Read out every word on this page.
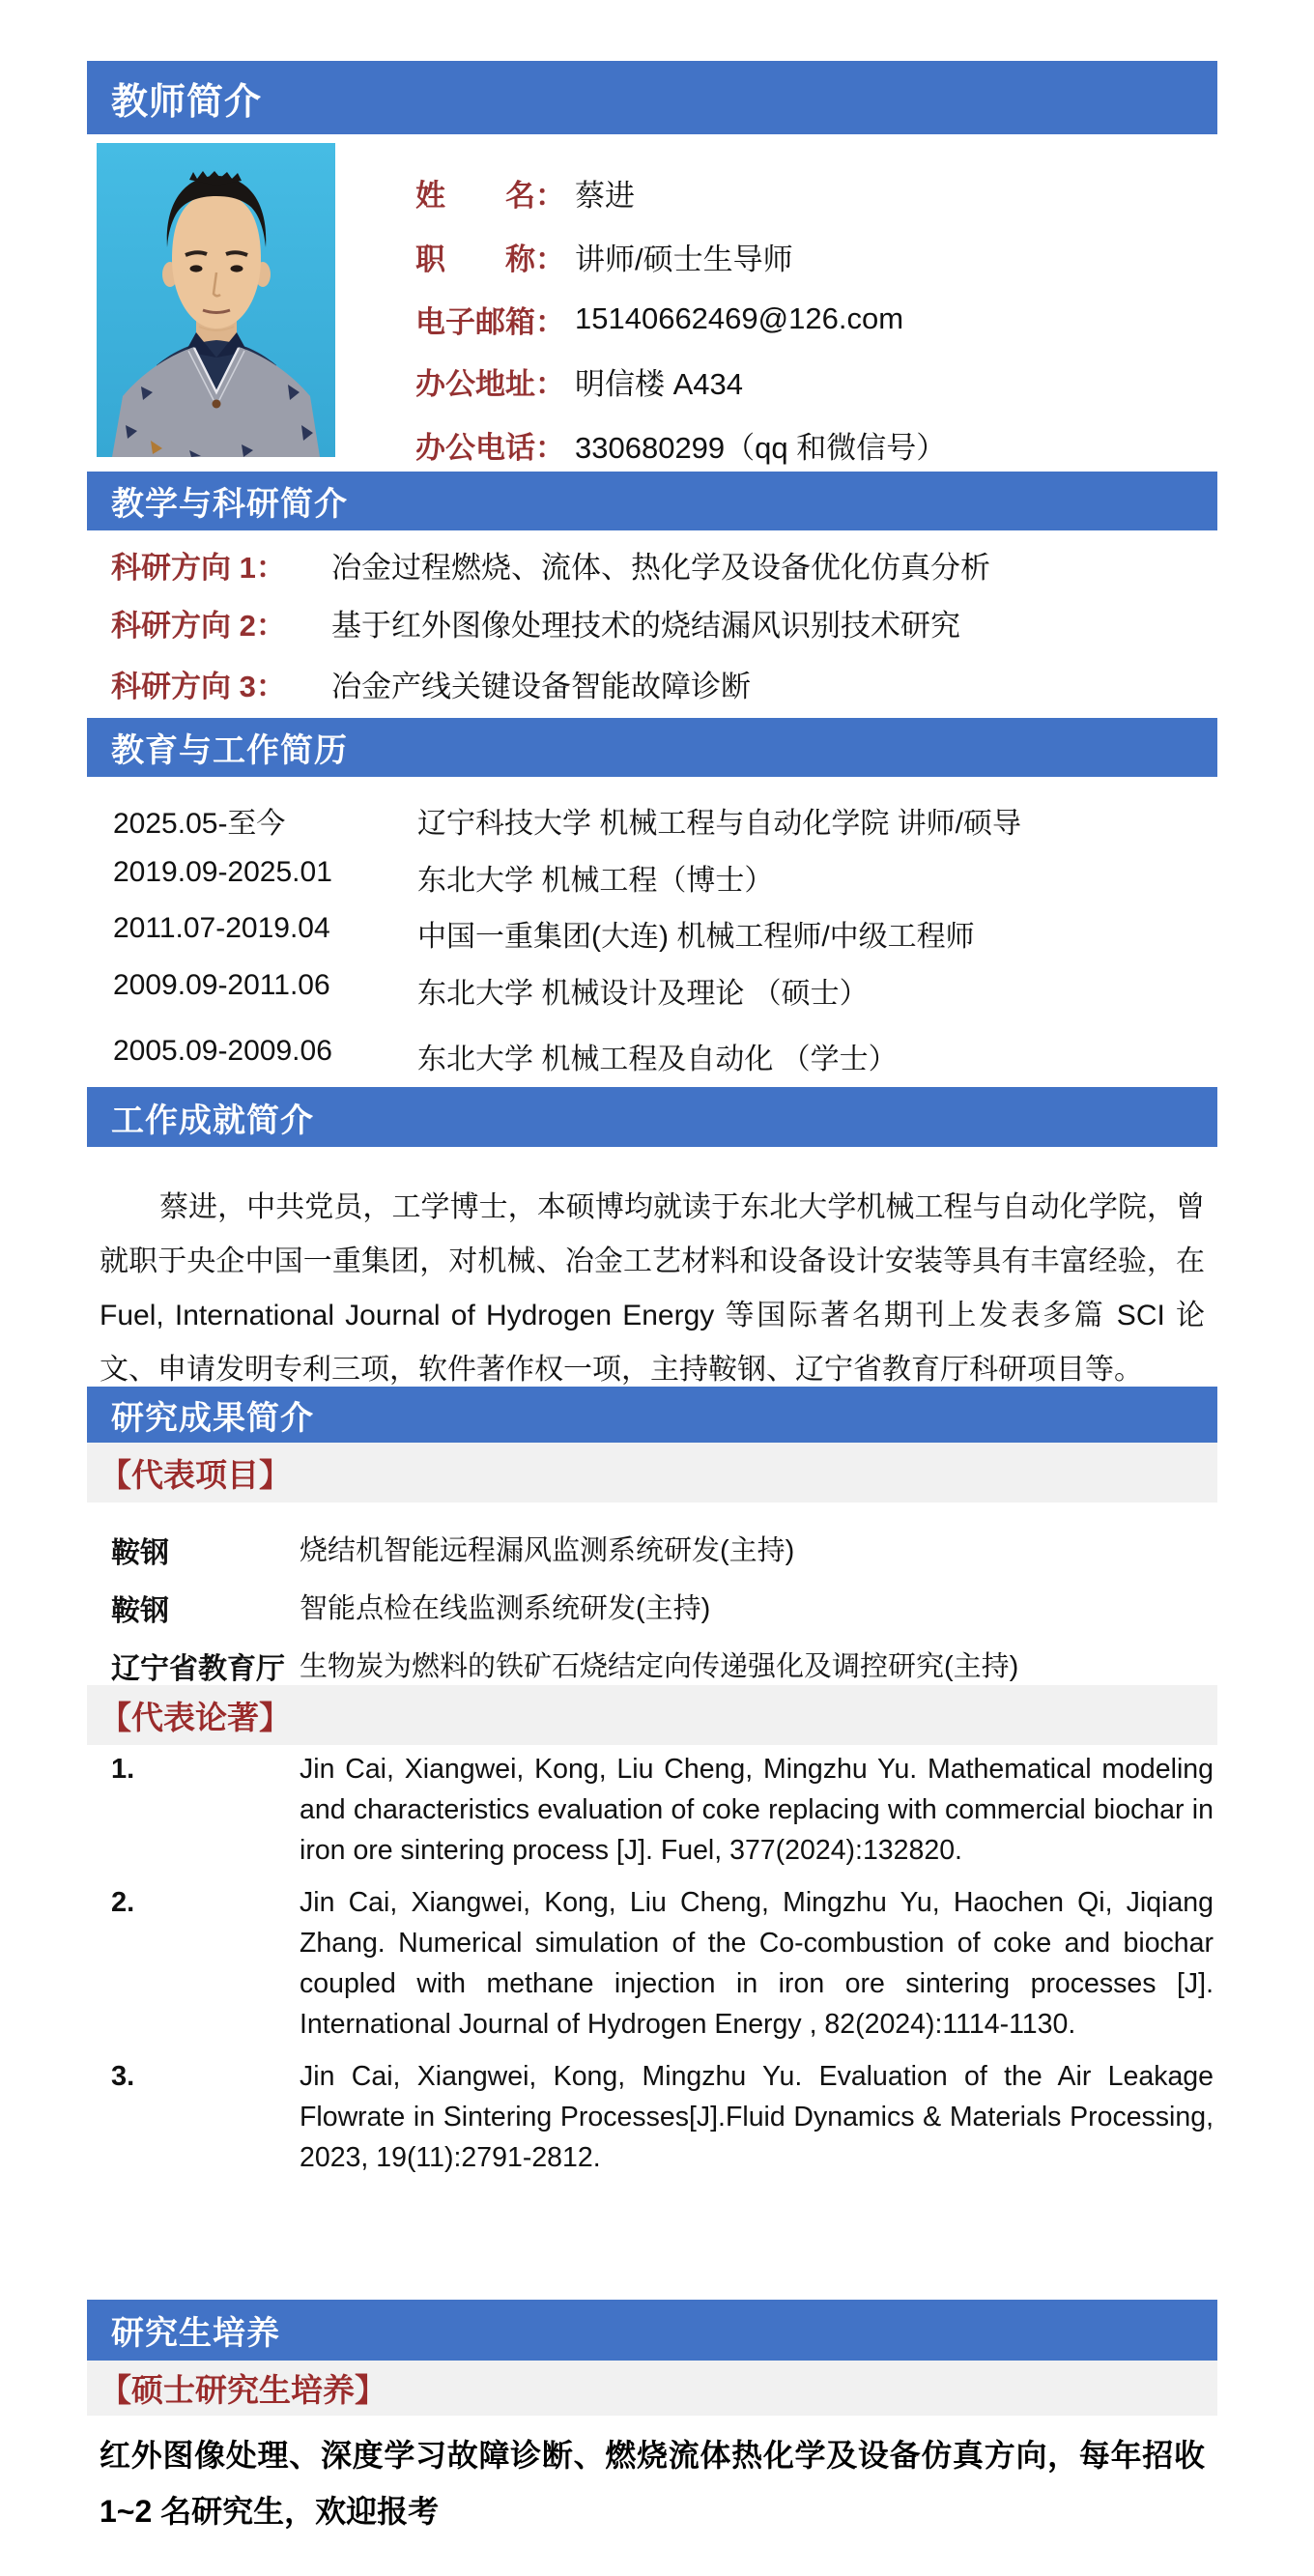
教师简介
姓　　名： 蔡进
职　　称： 讲师/硕士生导师
电子邮箱： 15140662469@126.com
办公地址： 明信楼 A434
办公电话： 330680299（qq 和微信号）
教学与科研简介
科研方向 1： 冶金过程燃烧、流体、热化学及设备优化仿真分析
科研方向 2： 基于红外图像处理技术的烧结漏风识别技术研究
科研方向 3： 冶金产线关键设备智能故障诊断
教育与工作简历
2025.05-至今	辽宁科技大学 机械工程与自动化学院 讲师/硕导
2019.09-2025.01	东北大学 机械工程（博士）
2011.07-2019.04	中国一重集团(大连) 机械工程师/中级工程师
2009.09-2011.06	东北大学 机械设计及理论 （硕士）
2005.09-2009.06	东北大学 机械工程及自动化 （学士）
工作成就简介
蔡进，中共党员，工学博士，本硕博均就读于东北大学机械工程与自动化学院，曾就职于央企中国一重集团，对机械、冶金工艺材料和设备设计安装等具有丰富经验，在 Fuel, International Journal of Hydrogen Energy 等国际著名期刊上发表多篇 SCI 论文、申请发明专利三项，软件著作权一项，主持鞍钢、辽宁省教育厅科研项目等。
研究成果简介
【代表项目】
鞍钢	烧结机智能远程漏风监测系统研发(主持)
鞍钢	智能点检在线监测系统研发(主持)
辽宁省教育厅 生物炭为燃料的铁矿石烧结定向传递强化及调控研究(主持)
【代表论著】
1.	Jin Cai, Xiangwei, Kong, Liu Cheng, Mingzhu Yu. Mathematical modeling and characteristics evaluation of coke replacing with commercial biochar in iron ore sintering process [J]. Fuel, 377(2024):132820.
2.	Jin Cai, Xiangwei, Kong, Liu Cheng, Mingzhu Yu, Haochen Qi, Jiqiang Zhang. Numerical simulation of the Co-combustion of coke and biochar coupled with methane injection in iron ore sintering processes [J]. International Journal of Hydrogen Energy , 82(2024):1114-1130.
3.	Jin Cai, Xiangwei, Kong, Mingzhu Yu. Evaluation of the Air Leakage Flowrate in Sintering Processes[J].Fluid Dynamics & Materials Processing, 2023, 19(11):2791-2812.
研究生培养
【硕士研究生培养】
红外图像处理、深度学习故障诊断、燃烧流体热化学及设备仿真方向，每年招收 1~2 名研究生，欢迎报考
